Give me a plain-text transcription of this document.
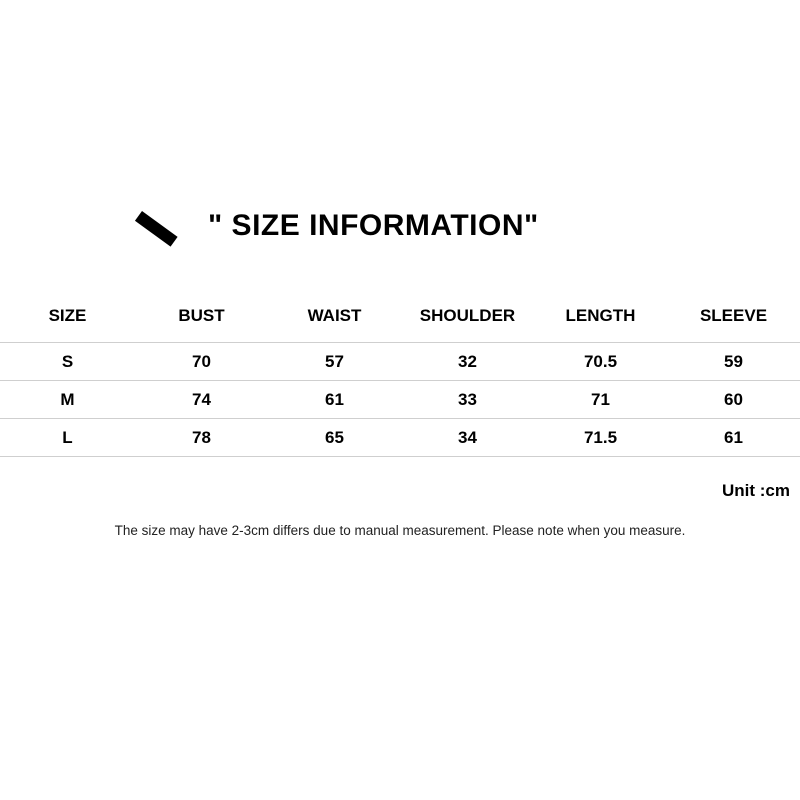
" SIZE INFORMATION"
SIZE	BUST	WAIST	SHOULDER	LENGTH	SLEEVE
S	70	57	32	70.5	59
M	74	61	33	71	60
L	78	65	34	71.5	61
Unit :cm
The size may have 2-3cm differs due to manual measurement. Please note when you measure.
